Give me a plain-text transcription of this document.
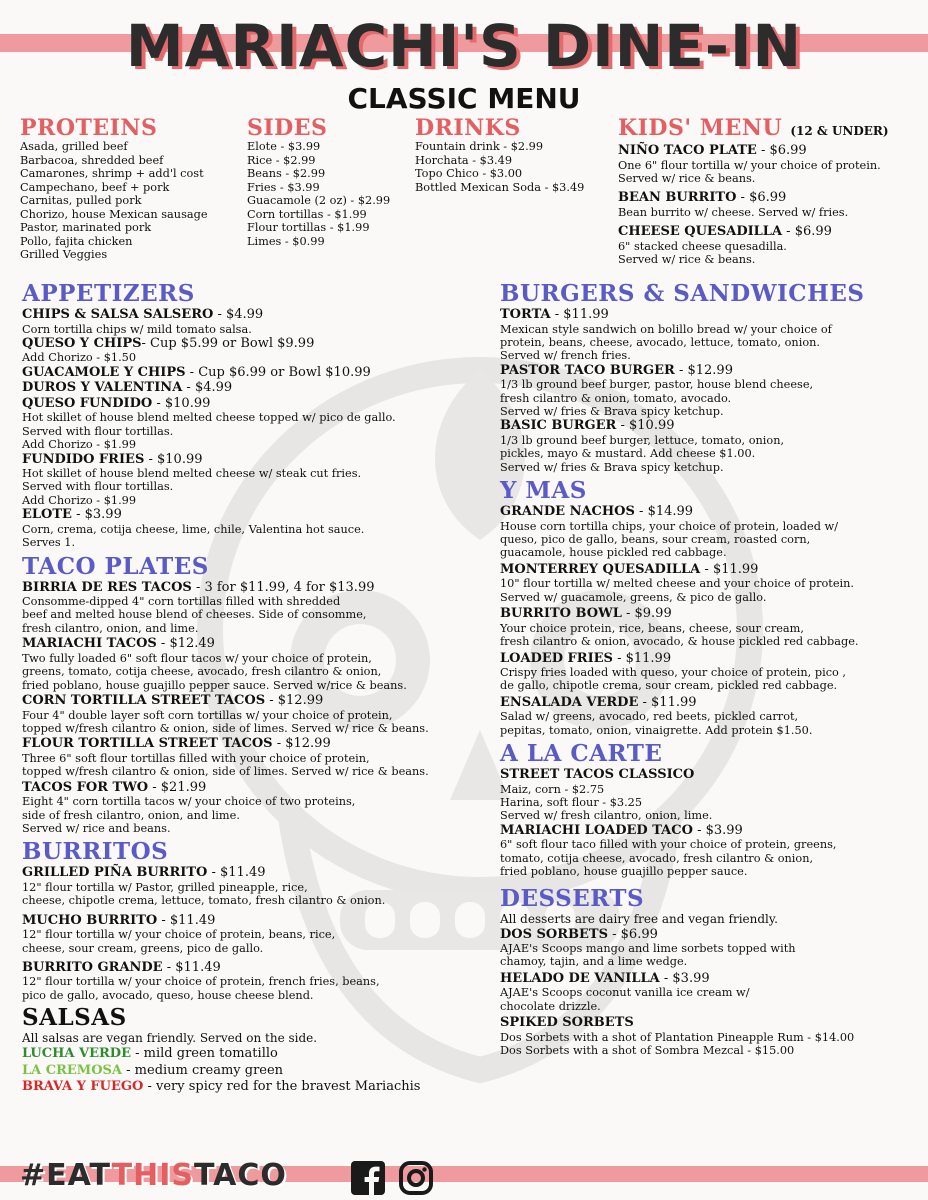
MARIACHI'S DINE-IN
CLASSIC MENU
PROTEINS
Asada, grilled beef
Barbacoa, shredded beef
Camarones, shrimp + add'l cost
Campechano, beef + pork
Carnitas, pulled pork
Chorizo, house Mexican sausage
Pastor, marinated pork
Pollo, fajita chicken
Grilled Veggies
SIDES
Elote - $3.99
Rice - $2.99
Beans - $2.99
Fries - $3.99
Guacamole (2 oz) - $2.99
Corn tortillas - $1.99
Flour tortillas - $1.99
Limes - $0.99
DRINKS
Fountain drink - $2.99
Horchata - $3.49
Topo Chico - $3.00
Bottled Mexican Soda - $3.49
KIDS' MENU (12 & UNDER)
NIÑO TACO PLATE - $6.99
One 6" flour tortilla w/ your choice of protein.
Served w/ rice & beans.
BEAN BURRITO - $6.99
Bean burrito w/ cheese. Served w/ fries.
CHEESE QUESADILLA - $6.99
6" stacked cheese quesadilla.
Served w/ rice & beans.
APPETIZERS
CHIPS & SALSA SALSERO - $4.99
Corn tortilla chips w/ mild tomato salsa.
QUESO Y CHIPS- Cup $5.99 or Bowl $9.99
Add Chorizo - $1.50
GUACAMOLE Y CHIPS - Cup $6.99 or Bowl $10.99
DUROS Y VALENTINA - $4.99
QUESO FUNDIDO - $10.99
Hot skillet of house blend melted cheese topped w/ pico de gallo.
Served with flour tortillas.
Add Chorizo - $1.99
FUNDIDO FRIES - $10.99
Hot skillet of house blend melted cheese w/ steak cut fries.
Served with flour tortillas.
Add Chorizo - $1.99
ELOTE - $3.99
Corn, crema, cotija cheese, lime, chile, Valentina hot sauce.
Serves 1.
TACO PLATES
BIRRIA DE RES TACOS - 3 for $11.99, 4 for $13.99
Consomme-dipped 4" corn tortillas filled with shredded
beef and melted house blend of cheeses. Side of consomme,
fresh cilantro, onion, and lime.
MARIACHI TACOS - $12.49
Two fully loaded 6" soft flour tacos w/ your choice of protein,
greens, tomato, cotija cheese, avocado, fresh cilantro & onion,
fried poblano, house guajillo pepper sauce. Served w/rice & beans.
CORN TORTILLA STREET TACOS - $12.99
Four 4" double layer soft corn tortillas w/ your choice of protein,
topped w/fresh cilantro & onion, side of limes. Served w/ rice & beans.
FLOUR TORTILLA STREET TACOS - $12.99
Three 6" soft flour tortillas filled with your choice of protein,
topped w/fresh cilantro & onion, side of limes. Served w/ rice & beans.
TACOS FOR TWO - $21.99
Eight 4" corn tortilla tacos w/ your choice of two proteins,
side of fresh cilantro, onion, and lime.
Served w/ rice and beans.
BURRITOS
GRILLED PIÑA BURRITO - $11.49
12" flour tortilla w/ Pastor, grilled pineapple, rice,
cheese, chipotle crema, lettuce, tomato, fresh cilantro & onion.
MUCHO BURRITO - $11.49
12" flour tortilla w/ your choice of protein, beans, rice,
cheese, sour cream, greens, pico de gallo.
BURRITO GRANDE - $11.49
12" flour tortilla w/ your choice of protein, french fries, beans,
pico de gallo, avocado, queso, house cheese blend.
SALSAS
All salsas are vegan friendly. Served on the side.
LUCHA VERDE - mild green tomatillo
LA CREMOSA - medium creamy green
BRAVA Y FUEGO - very spicy red for the bravest Mariachis
BURGERS & SANDWICHES
TORTA - $11.99
Mexican style sandwich on bolillo bread w/ your choice of
protein, beans, cheese, avocado, lettuce, tomato, onion.
Served w/ french fries.
PASTOR TACO BURGER - $12.99
1/3 lb ground beef burger, pastor, house blend cheese,
fresh cilantro & onion, tomato, avocado.
Served w/ fries & Brava spicy ketchup.
BASIC BURGER - $10.99
1/3 lb ground beef burger, lettuce, tomato, onion,
pickles, mayo & mustard. Add cheese $1.00.
Served w/ fries & Brava spicy ketchup.
Y MAS
GRANDE NACHOS - $14.99
House corn tortilla chips, your choice of protein, loaded w/
queso, pico de gallo, beans, sour cream, roasted corn,
guacamole, house pickled red cabbage.
MONTERREY QUESADILLA - $11.99
10" flour tortilla w/ melted cheese and your choice of protein.
Served w/ guacamole, greens, & pico de gallo.
BURRITO BOWL - $9.99
Your choice protein, rice, beans, cheese, sour cream,
fresh cilantro & onion, avocado, & house pickled red cabbage.
LOADED FRIES - $11.99
Crispy fries loaded with queso, your choice of protein, pico ,
de gallo, chipotle crema, sour cream, pickled red cabbage.
ENSALADA VERDE - $11.99
Salad w/ greens, avocado, red beets, pickled carrot,
pepitas, tomato, onion, vinaigrette. Add protein $1.50.
A LA CARTE
STREET TACOS CLASSICO
Maiz, corn - $2.75
Harina, soft flour - $3.25
Served w/ fresh cilantro, onion, lime.
MARIACHI LOADED TACO - $3.99
6" soft flour taco filled with your choice of protein, greens,
tomato, cotija cheese, avocado, fresh cilantro & onion,
fried poblano, house guajillo pepper sauce.
DESSERTS
All desserts are dairy free and vegan friendly.
DOS SORBETS - $6.99
AJAE's Scoops mango and lime sorbets topped with
chamoy, tajin, and a lime wedge.
HELADO DE VANILLA - $3.99
AJAE's Scoops coconut vanilla ice cream w/
chocolate drizzle.
SPIKED SORBETS
Dos Sorbets with a shot of Plantation Pineapple Rum - $14.00
Dos Sorbets with a shot of Sombra Mezcal - $15.00
#EATTHISTACO
